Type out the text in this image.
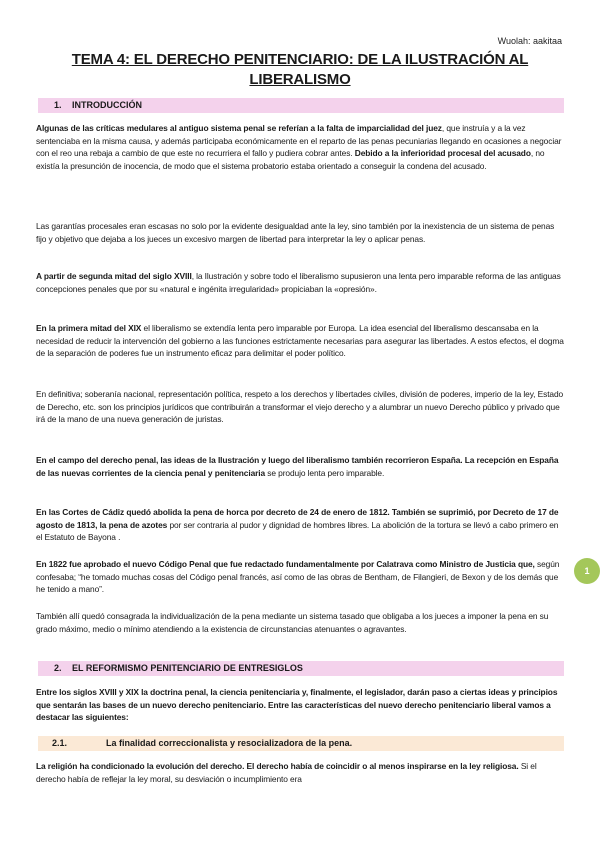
Wuolah: aakitaa
TEMA 4: EL DERECHO PENITENCIARIO: DE LA ILUSTRACIÓN AL
LIBERALISMO
1. INTRODUCCIÓN
Algunas de las críticas medulares al antiguo sistema penal se referían a la falta de imparcialidad del juez, que instruía y a la vez sentenciaba en la misma causa, y además participaba económicamente en el reparto de las penas pecuniarias llegando en ocasiones a negociar con el reo una rebaja a cambio de que este no recurriera el fallo y pudiera cobrar antes. Debido a la inferioridad procesal del acusado, no existía la presunción de inocencia, de modo que el sistema probatorio estaba orientado a conseguir la condena del acusado.
Las garantías procesales eran escasas no solo por la evidente desigualdad ante la ley, sino también por la inexistencia de un sistema de penas fijo y objetivo que dejaba a los jueces un excesivo margen de libertad para interpretar la ley o aplicar penas.
A partir de segunda mitad del siglo XVIII, la Ilustración y sobre todo el liberalismo supusieron una lenta pero imparable reforma de las antiguas concepciones penales que por su «natural e ingénita irregularidad» propiciaban la «opresión».
En la primera mitad del XIX el liberalismo se extendía lenta pero imparable por Europa. La idea esencial del liberalismo descansaba en la necesidad de reducir la intervención del gobierno a las funciones estrictamente necesarias para asegurar las libertades. A estos efectos, el dogma de la separación de poderes fue un instrumento eficaz para delimitar el poder político.
En definitiva; soberanía nacional, representación política, respeto a los derechos y libertades civiles, división de poderes, imperio de la ley, Estado de Derecho, etc. son los principios jurídicos que contribuirán a transformar el viejo derecho y a alumbrar un nuevo Derecho público y privado que irá de la mano de una nueva generación de juristas.
En el campo del derecho penal, las ideas de la Ilustración y luego del liberalismo también recorrieron España. La recepción en España de las nuevas corrientes de la ciencia penal y penitenciaria se produjo lenta pero imparable.
En las Cortes de Cádiz quedó abolida la pena de horca por decreto de 24 de enero de 1812. También se suprimió, por Decreto de 17 de agosto de 1813, la pena de azotes por ser contraria al pudor y dignidad de hombres libres. La abolición de la tortura se llevó a cabo primero en el Estatuto de Bayona .
En 1822 fue aprobado el nuevo Código Penal que fue redactado fundamentalmente por Calatrava como Ministro de Justicia que, según confesaba; “he tomado muchas cosas del Código penal francés, así como de las obras de Bentham, de Filangieri, de Bexon y de los demás que he tenido a mano”.
1
También allí quedó consagrada la individualización de la pena mediante un sistema tasado que obligaba a los jueces a imponer la pena en su grado máximo, medio o mínimo atendiendo a la existencia de circunstancias atenuantes o agravantes.
2. EL REFORMISMO PENITENCIARIO DE ENTRESIGLOS
Entre los siglos XVIII y XIX la doctrina penal, la ciencia penitenciaria y, finalmente, el legislador, darán paso a ciertas ideas y principios que sentarán las bases de un nuevo derecho penitenciario. Entre las características del nuevo derecho penitenciario liberal vamos a destacar las siguientes:
2.1.	La finalidad correccionalista y resocializadora de la pena.
La religión ha condicionado la evolución del derecho. El derecho había de coincidir o al menos inspirarse en la ley religiosa. Si el derecho había de reflejar la ley moral, su desviación o incumplimiento era
